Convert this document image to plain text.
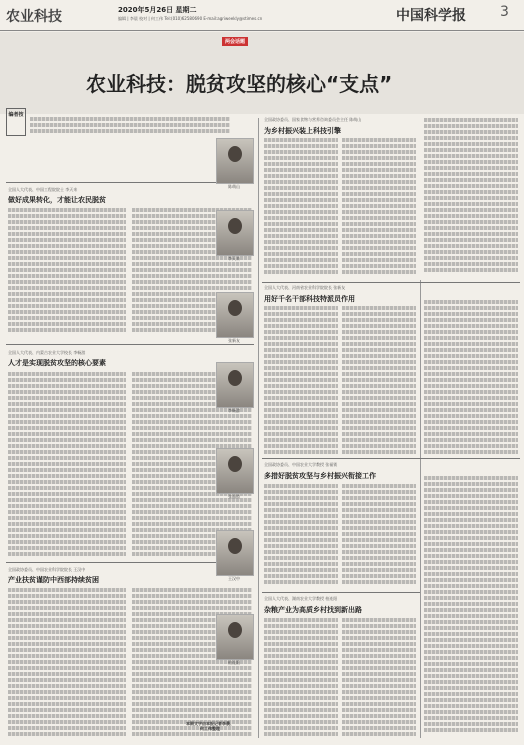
农业科技	2020年5月26日 星期二
编辑 | 李晨 校对 | 何工伟 Tel:(010)62580690 E-mail:agriweekly@stimes.cn	中国科学报 3
两会话题
农业科技：脱贫攻坚的核心“支点”
编者按
全国人大代表、中国工程院院士 李天来
做好成果转化，才能让农民脱贫
全国人大代表、内蒙古农业大学校长 李畅游
人才是实现脱贫攻坚的核心要素
全国政协委员、中国农业科学院院长 王汉中
产业扶贫谨防中西部持续贫困
陈萌山
李天来
张新友
李畅游
张福锁
王汉中
柏连阳
本期文字由本报记者李晨、何工伟整理
全国政协委员、国家食物与营养咨询委员会主任 陈萌山
为乡村振兴装上科技引擎
全国人大代表、河南省农业科学院院长 张新友
用好千名干部科技特派员作用
全国政协委员、中国农业大学教授 张福锁
多措好脱贫攻坚与乡村振兴衔接工作
全国人大代表、湖南农业大学教授 柏连阳
杂粮产业为高质乡村找到新出路
